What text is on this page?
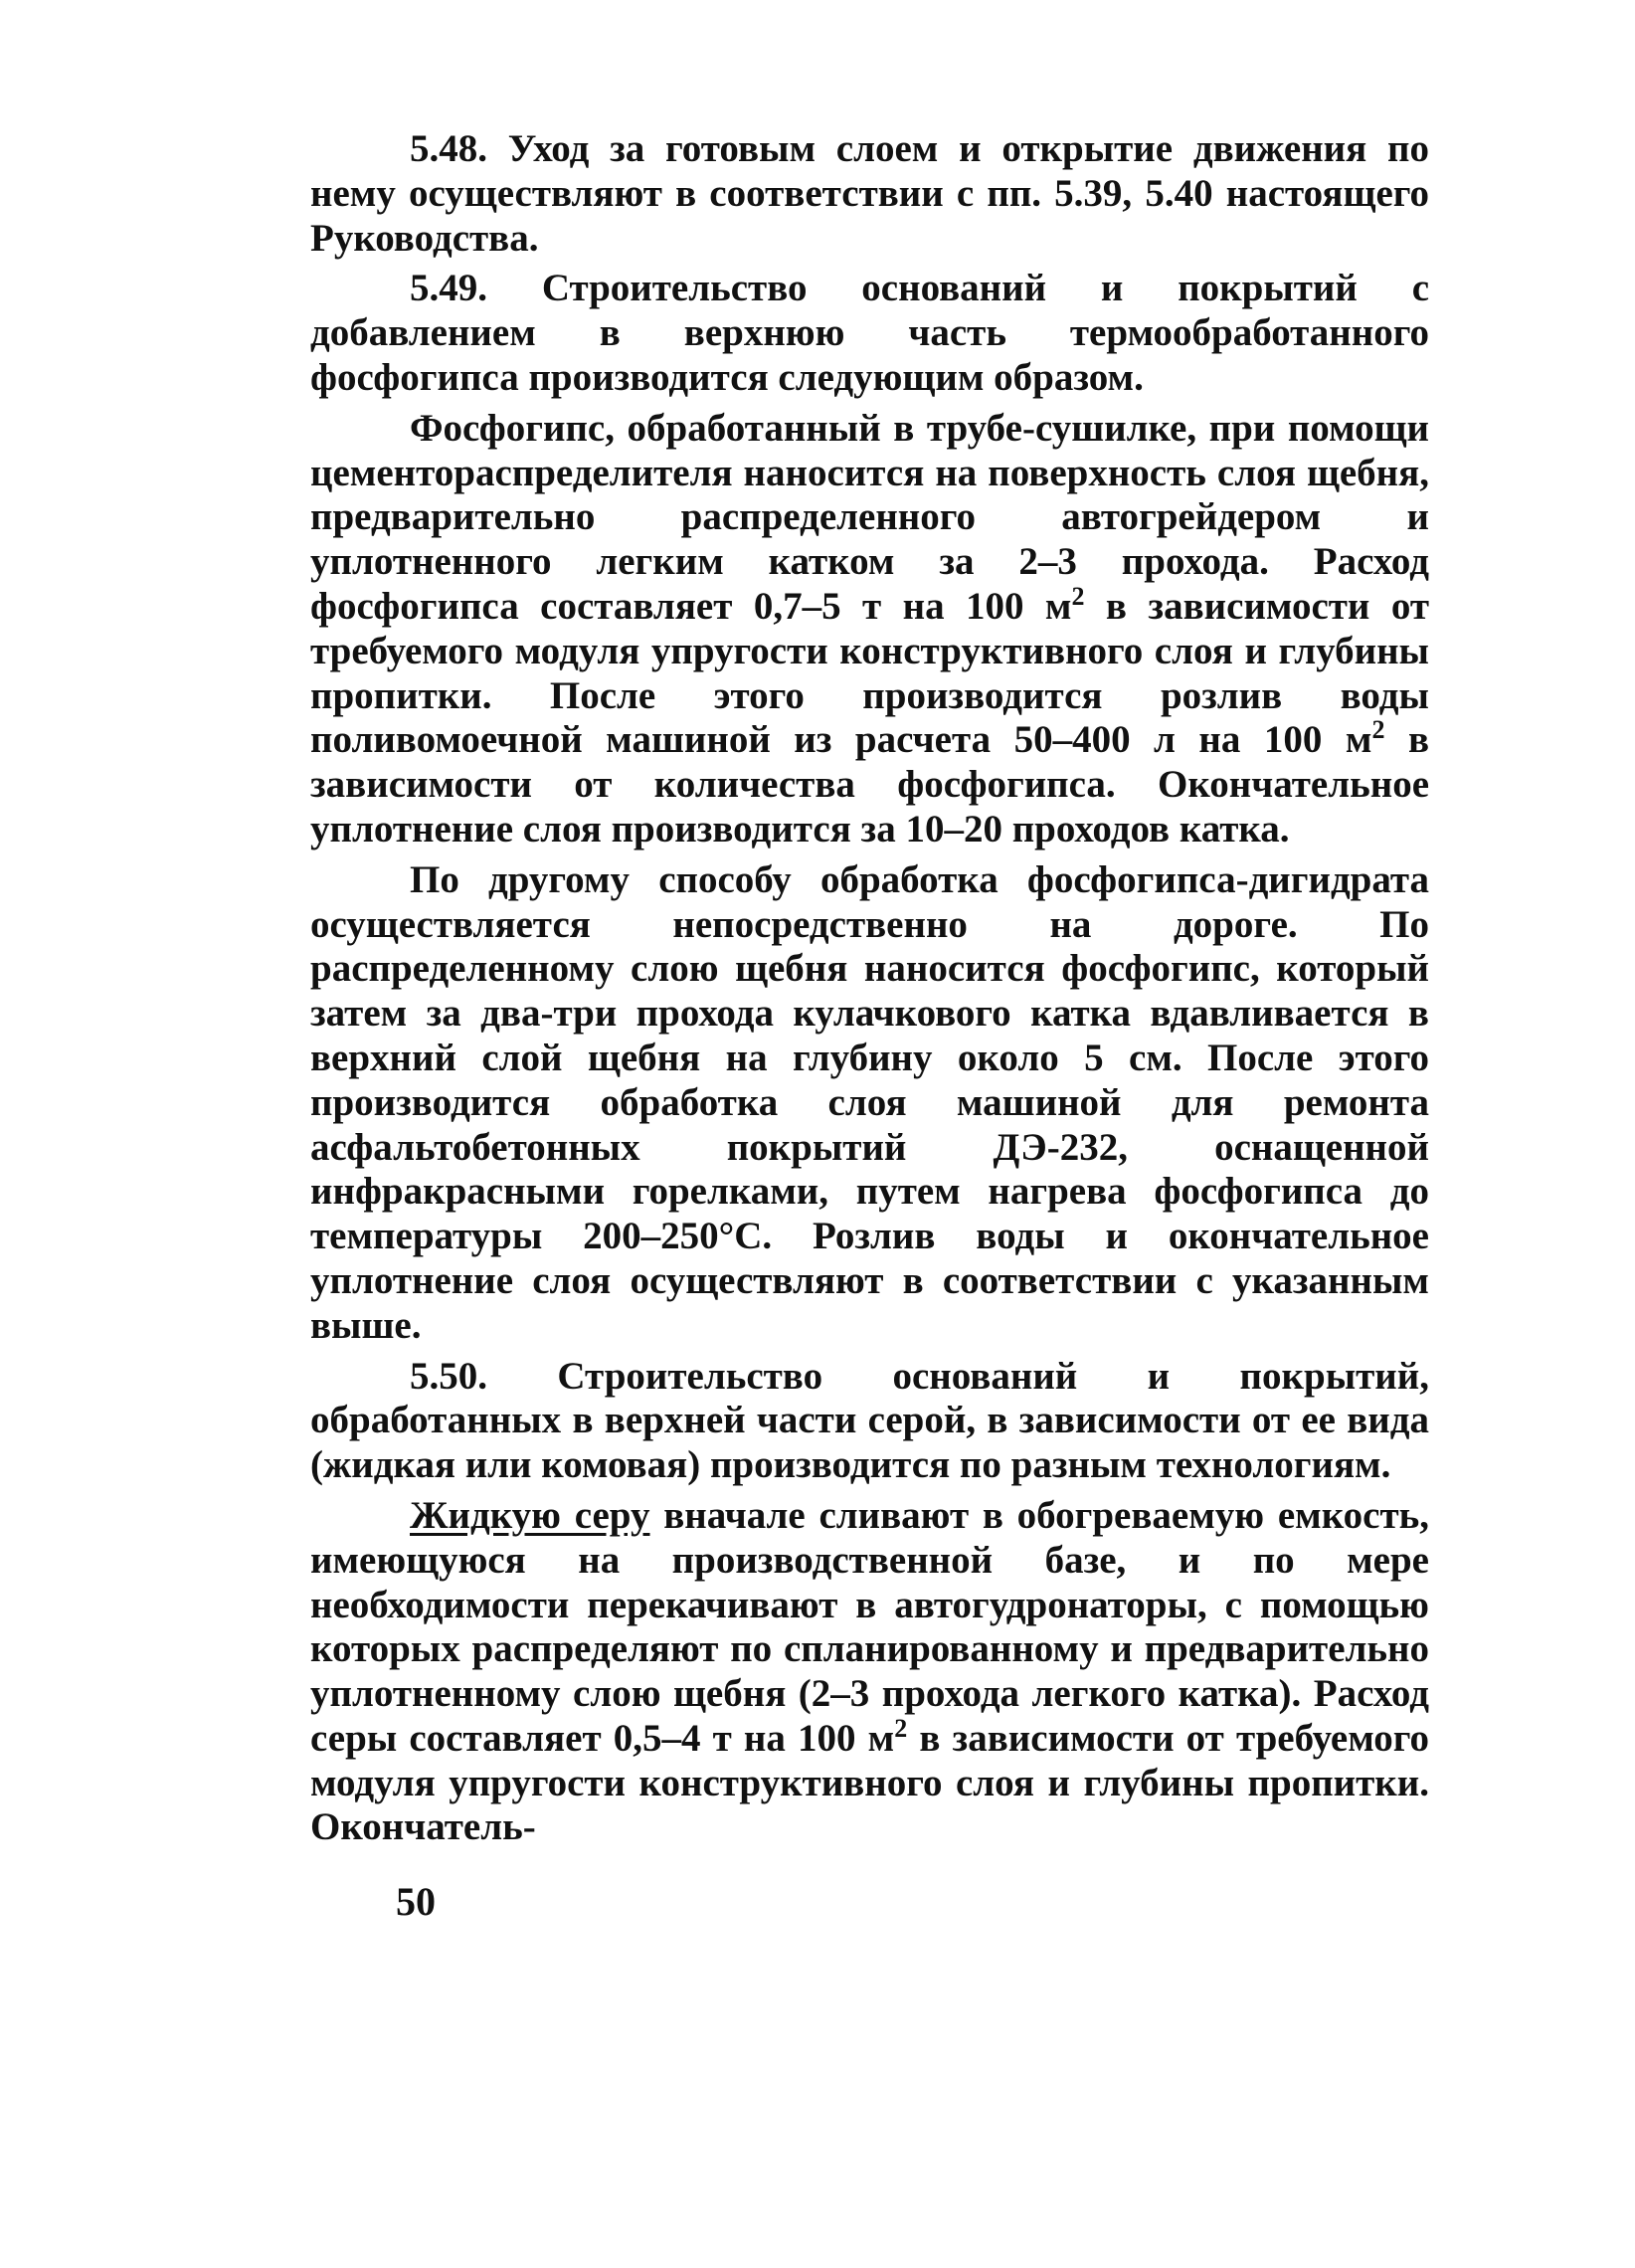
5.48. Уход за готовым слоем и открытие движения по нему осуществляют в соответствии с пп. 5.39, 5.40 настоящего Руководства.

5.49. Строительство оснований и покрытий с добавлением в верхнюю часть термообработанного фосфогипса производится следующим образом.

Фосфогипс, обработанный в трубе-сушилке, при помощи цементораспределителя наносится на поверхность слоя щебня, предварительно распределенного автогрейдером и уплотненного легким катком за 2–3 прохода. Расход фосфогипса составляет 0,7–5 т на 100 $м^2$ в зависимости от требуемого модуля упругости конструктивного слоя и глубины пропитки. После этого производится розлив воды поливомоечной машиной из расчета 50–400 л на 100 $м^2$ в зависимости от количества фосфогипса. Окончательное уплотнение слоя производится за 10–20 проходов катка.

По другому способу обработка фосфогипса-дигидрата осуществляется непосредственно на дороге. По распределенному слою щебня наносится фосфогипс, который затем за два-три прохода кулачкового катка вдавливается в верхний слой щебня на глубину около 5 см. После этого производится обработка слоя машиной для ремонта асфальтобетонных покрытий ДЭ-232, оснащенной инфракрасными горелками, путем нагрева фосфогипса до температуры 200–250°С. Розлив воды и окончательное уплотнение слоя осуществляют в соответствии с указанным выше.

5.50. Строительство оснований и покрытий, обработанных в верхней части серой, в зависимости от ее вида (жидкая или комовая) производится по разным технологиям.

Жидкую серу вначале сливают в обогреваемую емкость, имеющуюся на производственной базе, и по мере необходимости перекачивают в автогудронаторы, с помощью которых распределяют по спланированному и предварительно уплотненному слою щебня (2–3 прохода легкого катка). Расход серы составляет 0,5–4 т на 100 $м^2$ в зависимости от требуемого модуля упругости конструктивного слоя и глубины пропитки. Окончатель-

50
